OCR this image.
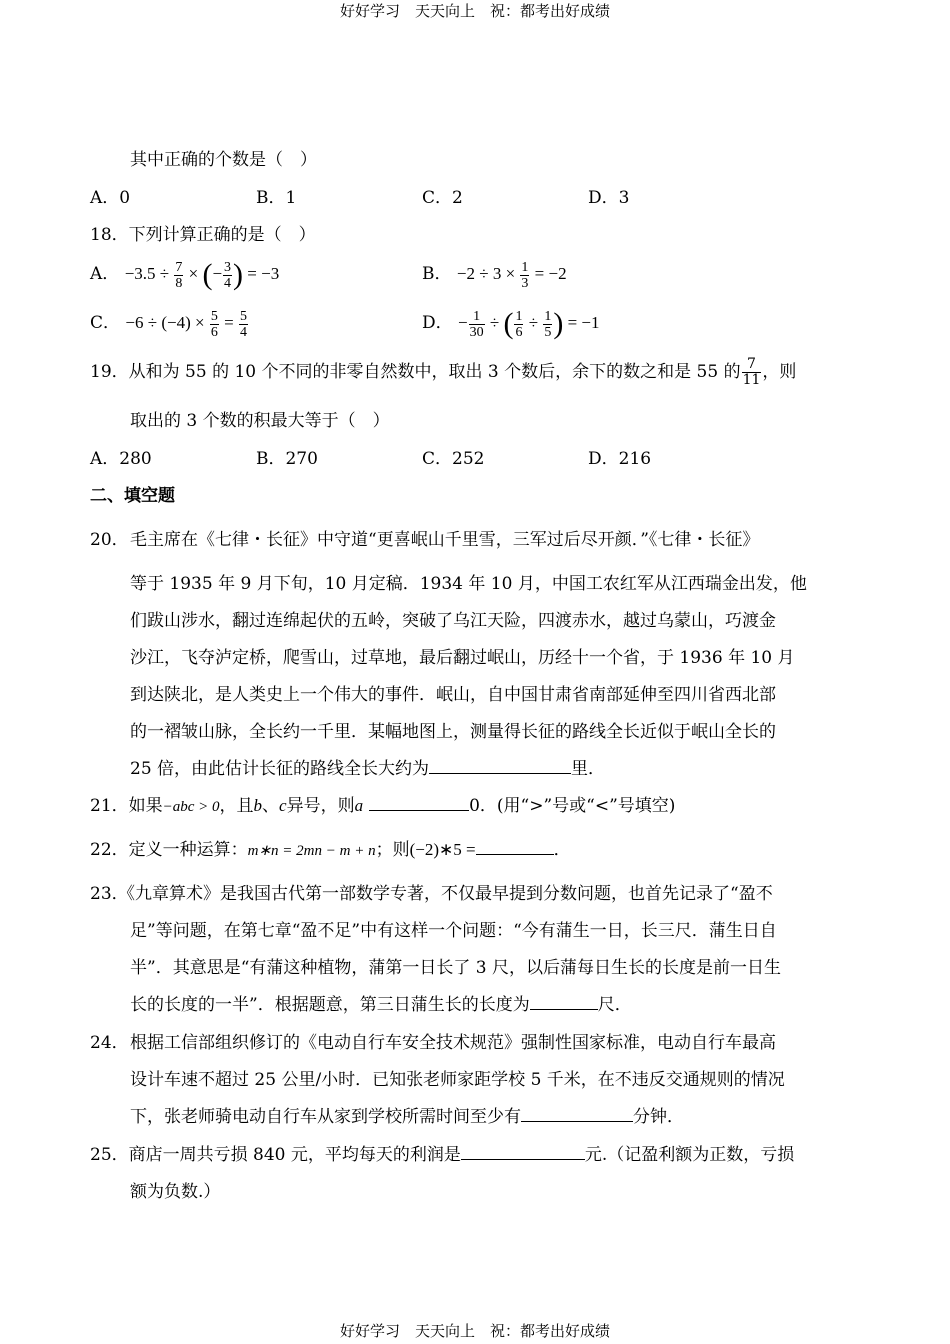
好好学习　天天向上　祝：都考出好成绩
其中正确的个数是（　）
A．0	B．1	C．2	D．3
18．下列计算正确的是（　）
A． $-3.5 \div \frac{7}{8}$ × (− $\frac{3}{4}$ ) = −3	B． $-2 \div 3 \times \frac{1}{3} = -2$
C． $-6 \div (-4) \times \frac{5}{6} = \frac{5}{4}$	D． − $\frac{1}{30}$ ÷ ( $\frac{1}{6} \div \frac{1}{5}$ ) = −1
19．从和为 55 的 10 个不同的非零自然数中，取出 3 个数后，余下的数之和是 55 的 $\frac{7}{11}$ ，则
取出的 3 个数的积最大等于（　）
A．280	B．270	C．252	D．216
二、填空题
20． 毛主席在《七律・长征》中守道“更喜岷山千里雪，三军过后尽开颜．”《七律・长征》
等于 1935 年 9 月下旬，10 月定稿．1934 年 10 月，中国工农红军从江西瑞金出发，他
们跋山涉水，翻过连绵起伏的五岭，突破了乌江天险，四渡赤水，越过乌蒙山，巧渡金
沙江，飞夺泸定桥，爬雪山，过草地，最后翻过岷山，历经十一个省，于 1936 年 10 月
到达陕北，是人类史上一个伟大的事件．岷山，自中国甘肃省南部延伸至四川省西北部
的一褶皱山脉，全长约一千里．某幅地图上，测量得长征的路线全长近似于岷山全长的
25 倍，由此估计长征的路线全长大约为	里．
21．如果−abc > 0，且b、c异号，则a	0．(用“>”号或“<”号填空)
22．定义一种运算：m∗n = 2mn − m + n；则(−2)∗5 =	．
23．
《九章算术》是我国古代第一部数学专著，不仅最早提到分数问题，也首先记录了“盈不
足”等问题，在第七章“盈不足”中有这样一个问题：“今有蒲生一日，长三尺．蒲生日自
半”．其意思是“有蒲这种植物，蒲第一日长了 3 尺，以后蒲每日生长的长度是前一日生
长的长度的一半”．根据题意，第三日蒲生长的长度为	尺．
24． 根据工信部组织修订的《电动自行车安全技术规范》强制性国家标准，电动自行车最高
设计车速不超过 25 公里/小时．已知张老师家距学校 5 千米，在不违反交通规则的情况
下，张老师骑电动自行车从家到学校所需时间至少有	分钟．
25．商店一周共亏损 840 元，平均每天的利润是	元.（记盈利额为正数，亏损
额为负数.）
好好学习　天天向上　祝：都考出好成绩
